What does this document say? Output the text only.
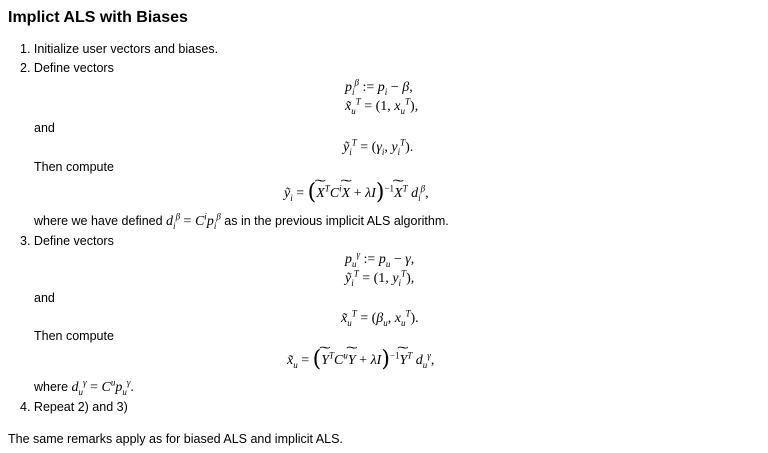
Implict ALS with Biases
1. Initialize user vectors and biases.
2. Define vectors
$p_i^\beta$ := $p_i - \beta$,
$x̃_u^T = (1$, $x_u^T$),
and
ỹ$_i^T$ = ($\gamma_i$, $y_i^T$).
Then compute
ỹ$_i$ = (˜ $X^TC^i˜$ X + λI)$^{-1}$˜ $X^T$ $d_i^\beta$,
where we have defined $d_i^\beta = C^ip_i^\beta$ as in the previous implicit ALS algorithm.
3. Define vectors
$p_u^\gamma$ := $p_u - \gamma$,
ỹ$_i^T$ = (1, $y_i^T$),
and
$x̃_u^T = (\beta_u$, $x_u^T$).
Then compute
$x̃_u$ = (˜ $Y^TC^u˜$ Y + λI)$^{-1}$˜ $Y^T$ $d_u^\gamma$,
where $d_u^\gamma = C^up_u^\gamma$.
4. Repeat 2) and 3)
The same remarks apply as for biased ALS and implicit ALS.
